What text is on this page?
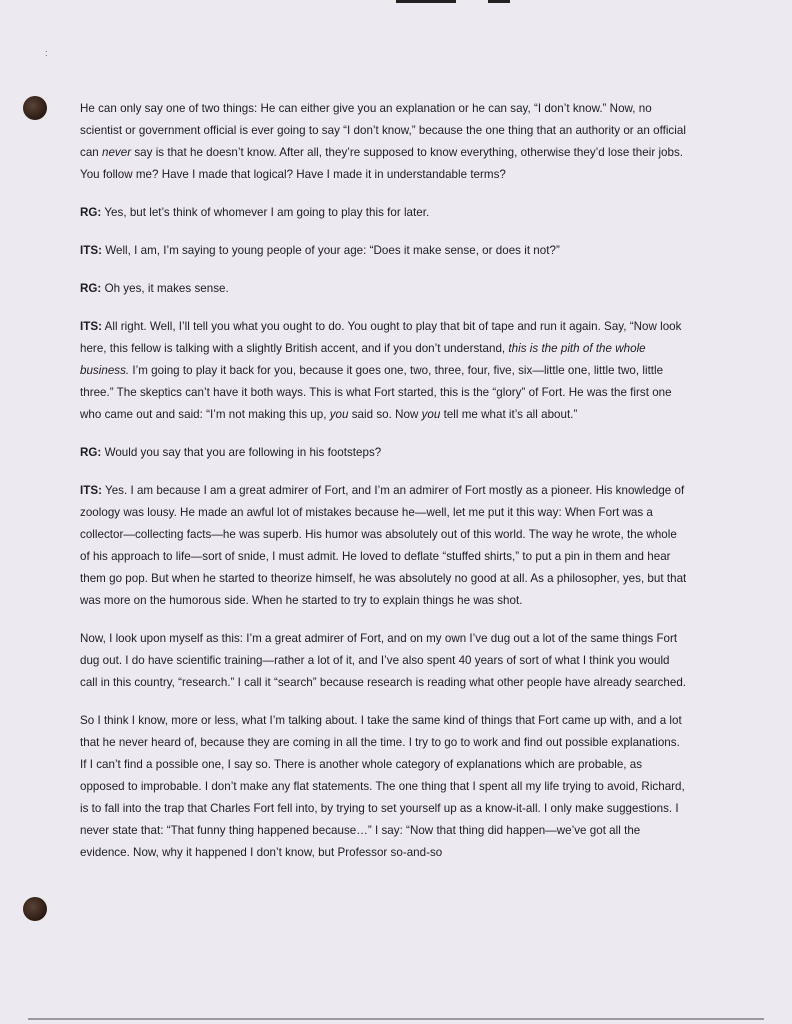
:

He can only say one of two things: He can either give you an explanation or he can say, “I don’t know.” Now, no scientist or government official is ever going to say “I don’t know,” because the one thing that an authority or an official can never say is that he doesn’t know. After all, they’re supposed to know everything, otherwise they’d lose their jobs. You follow me? Have I made that logical? Have I made it in understandable terms?

RG: Yes, but let’s think of whomever I am going to play this for later.

ITS: Well, I am, I’m saying to young people of your age: “Does it make sense, or does it not?”

RG: Oh yes, it makes sense.

ITS: All right. Well, I’ll tell you what you ought to do. You ought to play that bit of tape and run it again. Say, “Now look here, this fellow is talking with a slightly British accent, and if you don’t understand, this is the pith of the whole business. I’m going to play it back for you, because it goes one, two, three, four, five, six—little one, little two, little three.” The skeptics can’t have it both ways. This is what Fort started, this is the “glory” of Fort. He was the first one who came out and said: “I’m not making this up, you said so. Now you tell me what it’s all about.”

RG: Would you say that you are following in his footsteps?

ITS: Yes. I am because I am a great admirer of Fort, and I’m an admirer of Fort mostly as a pioneer. His knowledge of zoology was lousy. He made an awful lot of mistakes because he—well, let me put it this way: When Fort was a collector—collecting facts—he was superb. His humor was absolutely out of this world. The way he wrote, the whole of his approach to life—sort of snide, I must admit. He loved to deflate “stuffed shirts,” to put a pin in them and hear them go pop. But when he started to theorize himself, he was absolutely no good at all. As a philosopher, yes, but that was more on the humorous side. When he started to try to explain things he was shot.

Now, I look upon myself as this: I’m a great admirer of Fort, and on my own I’ve dug out a lot of the same things Fort dug out. I do have scientific training—rather a lot of it, and I’ve also spent 40 years of sort of what I think you would call in this country, “research.” I call it “search” because research is reading what other people have already searched.

So I think I know, more or less, what I’m talking about. I take the same kind of things that Fort came up with, and a lot that he never heard of, because they are coming in all the time. I try to go to work and find out possible explanations. If I can’t find a possible one, I say so. There is another whole category of explanations which are probable, as opposed to improbable. I don’t make any flat statements. The one thing that I spent all my life trying to avoid, Richard, is to fall into the trap that Charles Fort fell into, by trying to set yourself up as a know-it-all. I only make suggestions. I never state that: “That funny thing happened because…” I say: “Now that thing did happen—we’ve got all the evidence. Now, why it happened I don’t know, but Professor so-and-so
